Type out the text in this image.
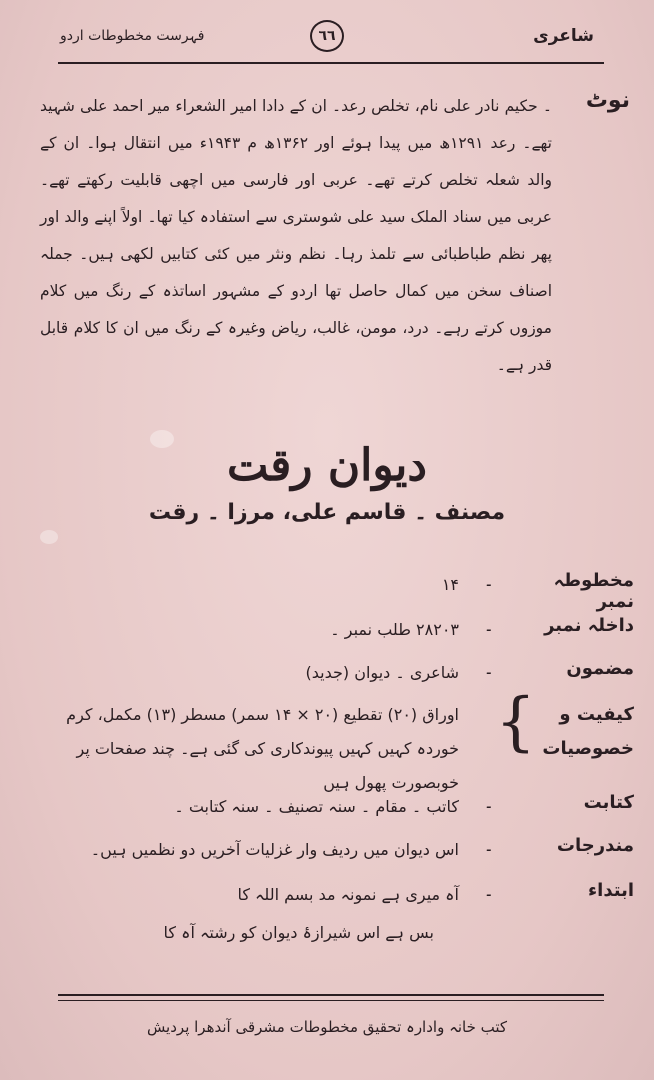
شاعری
٦٦
فہرست مخطوطات اردو
نوٹ
۔ حکیم نادر علی نام، تخلص رعد۔ ان کے دادا امیر الشعراء میر احمد علی شہید تھے۔ رعد ۱۲۹۱ھ میں پیدا ہوئے اور ۱۳۶۲ھ م ۱۹۴۳ء میں انتقال ہوا۔ ان کے والد شعلہ تخلص کرتے تھے۔ عربی اور فارسی میں اچھی قابلیت رکھتے تھے۔ عربی میں سناد الملک سید علی شوستری سے استفادہ کیا تھا۔ اولاً اپنے والد اور پھر نظم طباطبائی سے تلمذ رہا۔ نظم ونثر میں کئی کتابیں لکھی ہیں۔ جملہ اصناف سخن میں کمال حاصل تھا اردو کے مشہور اساتذہ کے رنگ میں کلام موزوں کرتے رہے۔ درد، مومن، غالب، ریاض وغیرہ کے رنگ میں ان کا کلام قابل قدر ہے۔
دیوان رقت
مصنف ۔ قاسم علی، مرزا ۔ رقت
مخطوطہ نمبر
۔
۱۴
داخلہ نمبر
۔
۲۸۲۰۳ طلب نمبر ۔
مضمون
۔
شاعری ۔ دیوان (جدید)
کیفیت و خصوصیات
اوراق (۲۰) تقطیع (۲۰ × ۱۴ سمر) مسطر (۱۳) مکمل، کرم خوردہ کہیں کہیں پیوندکاری کی گئی ہے۔ چند صفحات پر خوبصورت پھول ہیں
کتابت
۔
کاتب ۔ مقام ۔ سنہ تصنیف ۔ سنہ کتابت ۔
مندرجات
۔
اس دیوان میں ردیف وار غزلیات آخریں دو نظمیں ہیں۔
ابتداء
۔
آہ میری ہے نمونہ مد بسم اللہ کا
بس ہے اس شیرازۂ دیوان کو رشتہ آہ کا
}
کتب خانہ وادارہ تحقیق مخطوطات مشرقی آندھرا پردیش
